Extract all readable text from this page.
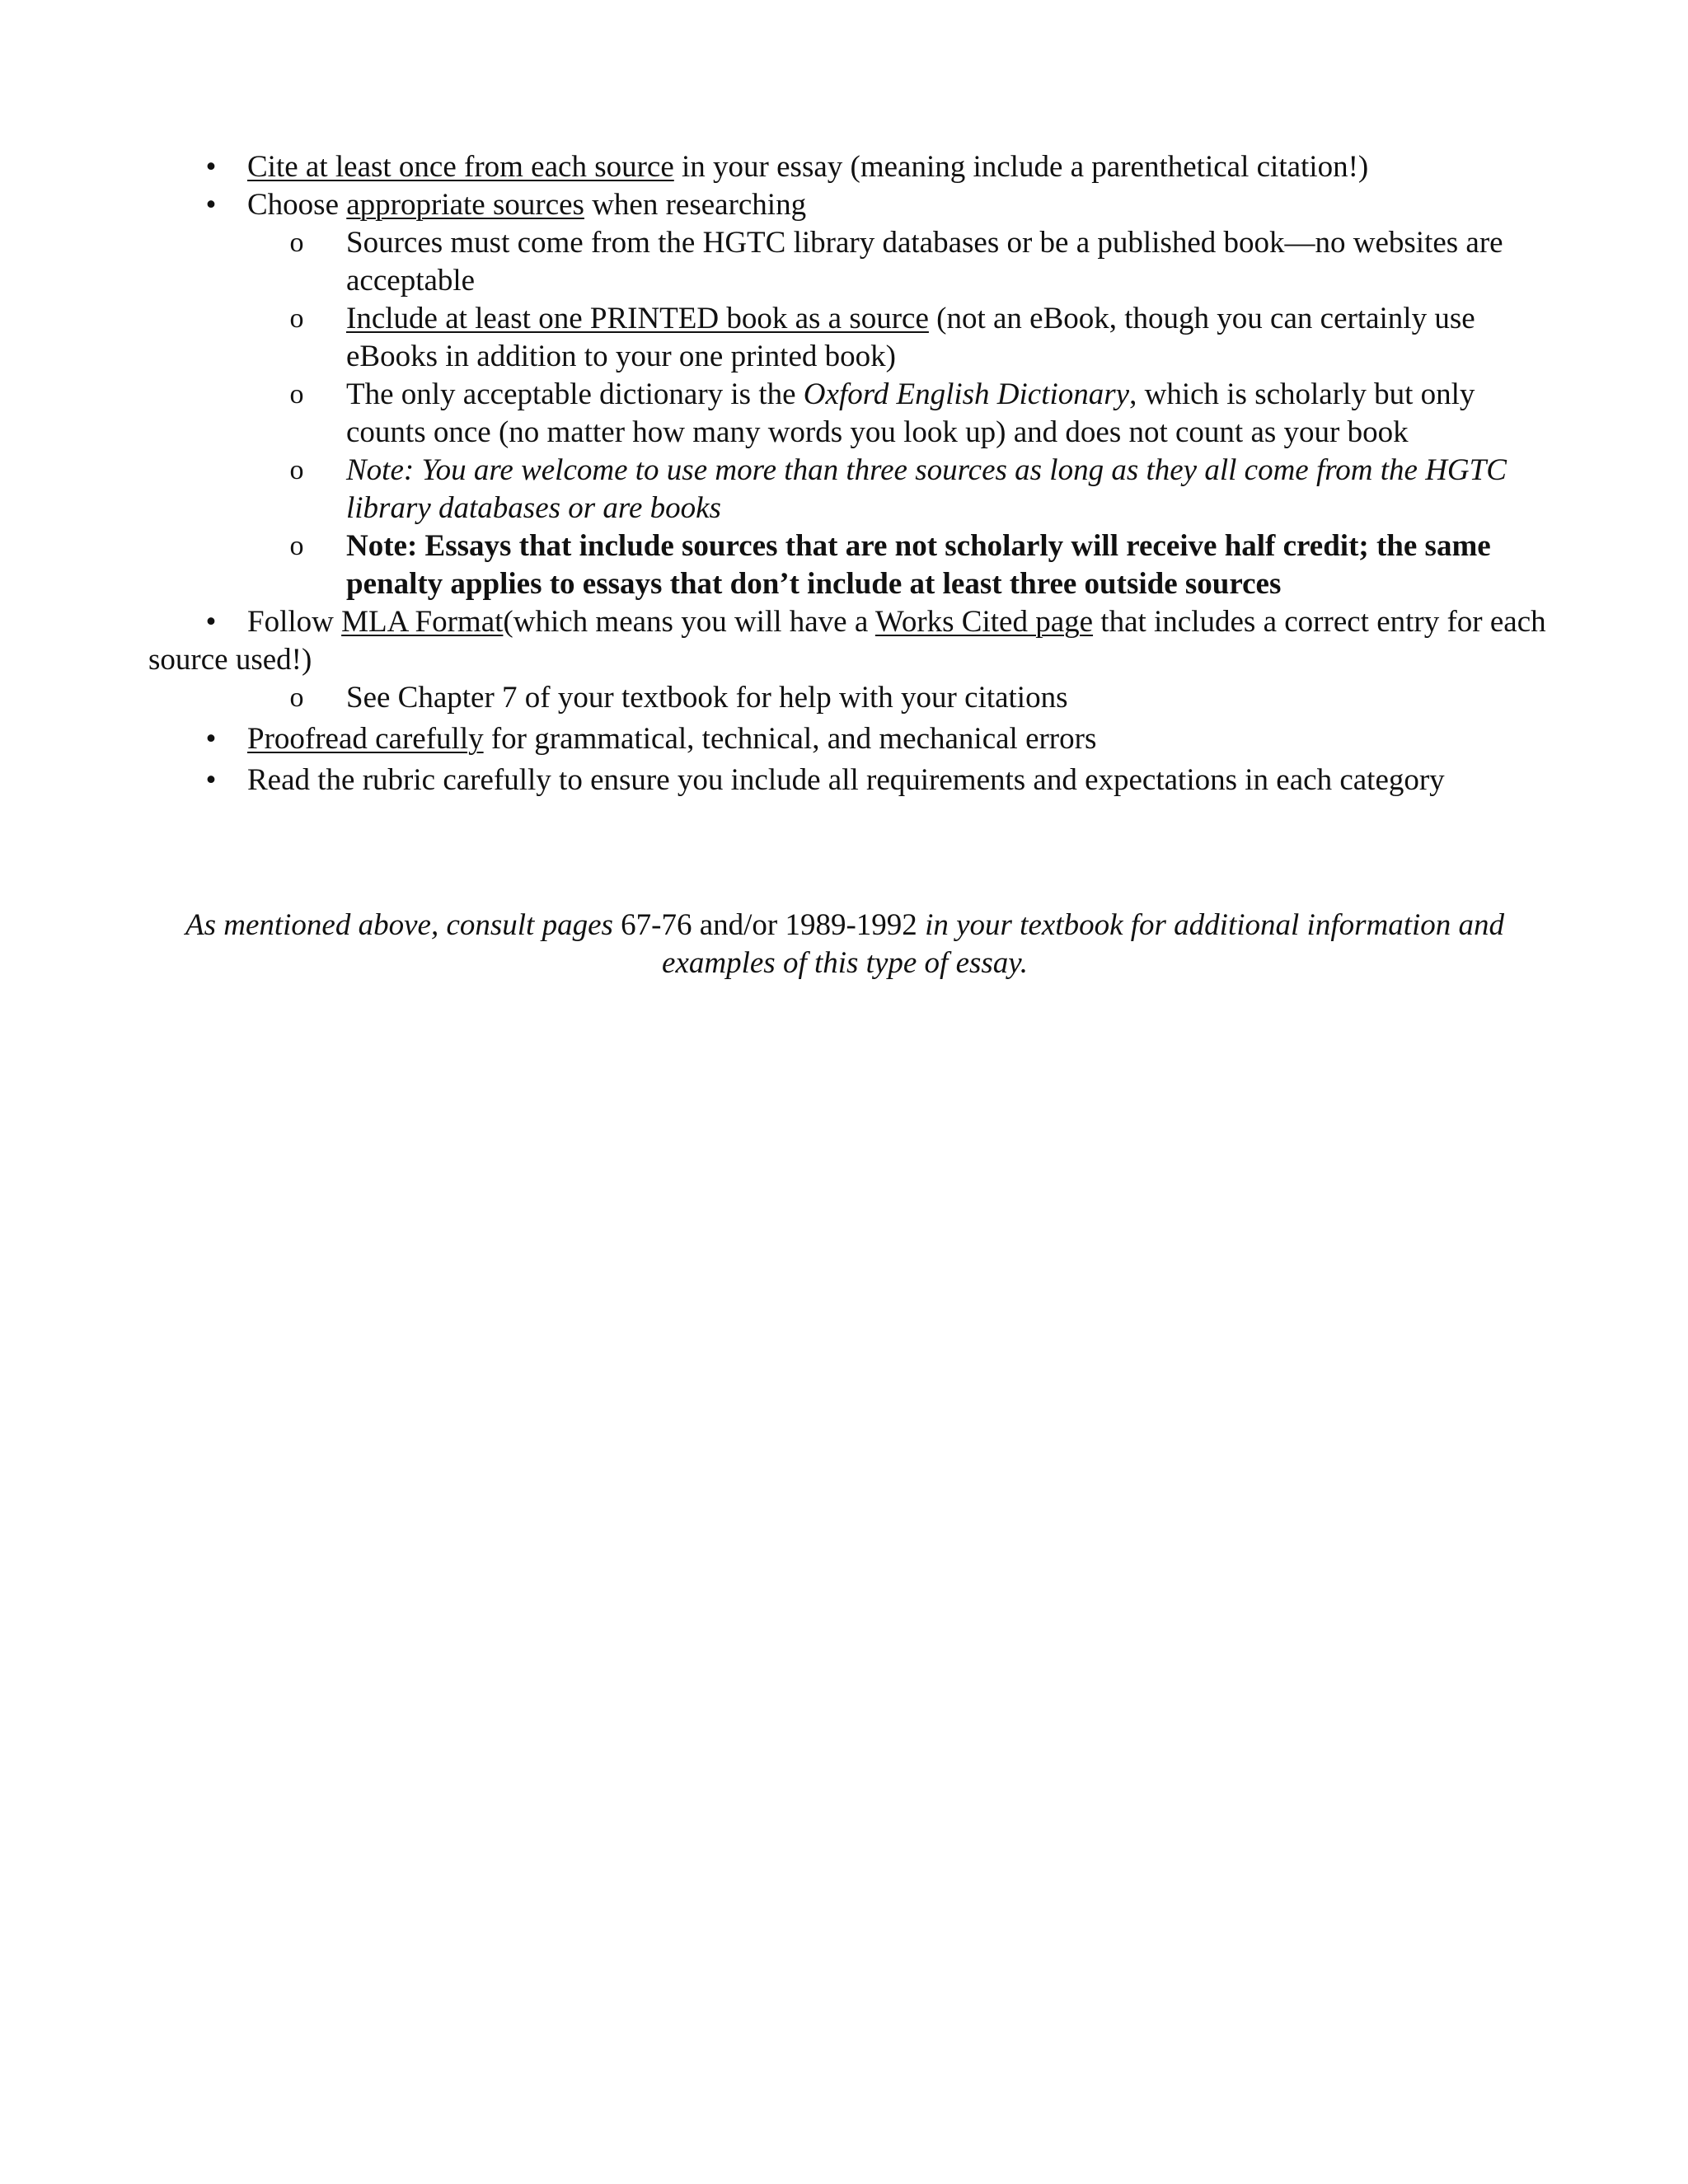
•	Cite at least once from each source in your essay (meaning include a parenthetical citation!)
•	Choose appropriate sources when researching
o	Sources must come from the HGTC library databases or be a published book—no websites are acceptable
o	Include at least one PRINTED book as a source (not an eBook, though you can certainly use eBooks in addition to your one printed book)
o	The only acceptable dictionary is the Oxford English Dictionary, which is scholarly but only counts once (no matter how many words you look up) and does not count as your book
o	Note: You are welcome to use more than three sources as long as they all come from the HGTC library databases or are books
o	Note: Essays that include sources that are not scholarly will receive half credit; the same penalty applies to essays that don’t include at least three outside sources
•	Follow MLA Format(which means you will have a Works Cited page that includes a correct entry for each source used!)
o	See Chapter 7 of your textbook for help with your citations
•	Proofread carefully for grammatical, technical, and mechanical errors
•	Read the rubric carefully to ensure you include all requirements and expectations in each category
As mentioned above, consult pages 67-76 and/or 1989-1992 in your textbook for additional information and examples of this type of essay.
